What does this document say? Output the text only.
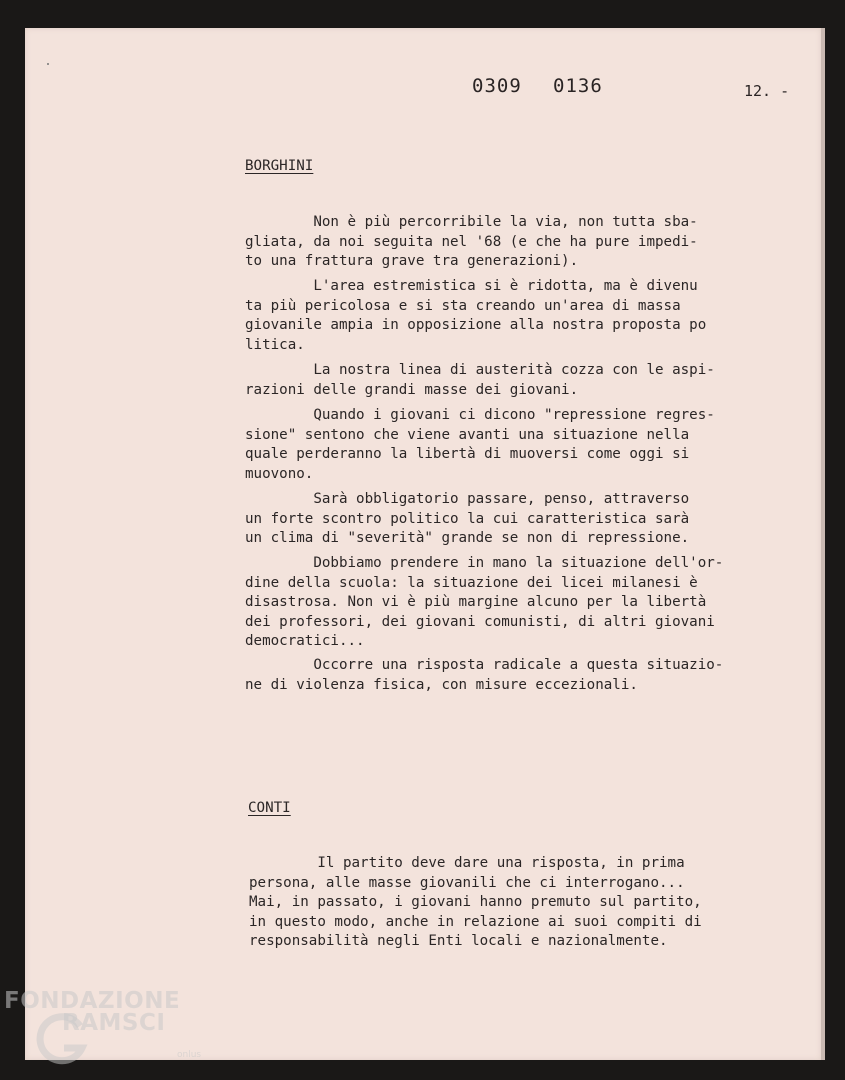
0309 0136	12. -
BORGHINI
Non è più percorribile la via, non tutta sba-
gliata, da noi seguita nel '68 (e che ha pure impedi-
to una frattura grave tra generazioni).
L'area estremistica si è ridotta, ma è divenu
ta più pericolosa e si sta creando un'area di massa
giovanile ampia in opposizione alla nostra proposta po
litica.
La nostra linea di austerità cozza con le aspi-
razioni delle grandi masse dei giovani.
Quando i giovani ci dicono "repressione regres-
sione" sentono che viene avanti una situazione nella
quale perderanno la libertà di muoversi come oggi si
muovono.
Sarà obbligatorio passare, penso, attraverso
un forte scontro politico la cui caratteristica sarà
un clima di "severità" grande se non di repressione.
Dobbiamo prendere in mano la situazione dell'or-
dine della scuola: la situazione dei licei milanesi è
disastrosa. Non vi è più margine alcuno per la libertà
dei professori, dei giovani comunisti, di altri giovani
democratici...
Occorre una risposta radicale a questa situazio-
ne di violenza fisica, con misure eccezionali.
CONTI
Il partito deve dare una risposta, in prima
persona, alle masse giovanili che ci interrogano...
Mai, in passato, i giovani hanno premuto sul partito,
in questo modo, anche in relazione ai suoi compiti di
responsabilità negli Enti locali e nazionalmente.
FONDAZIONE
RAMSCI
onlus
